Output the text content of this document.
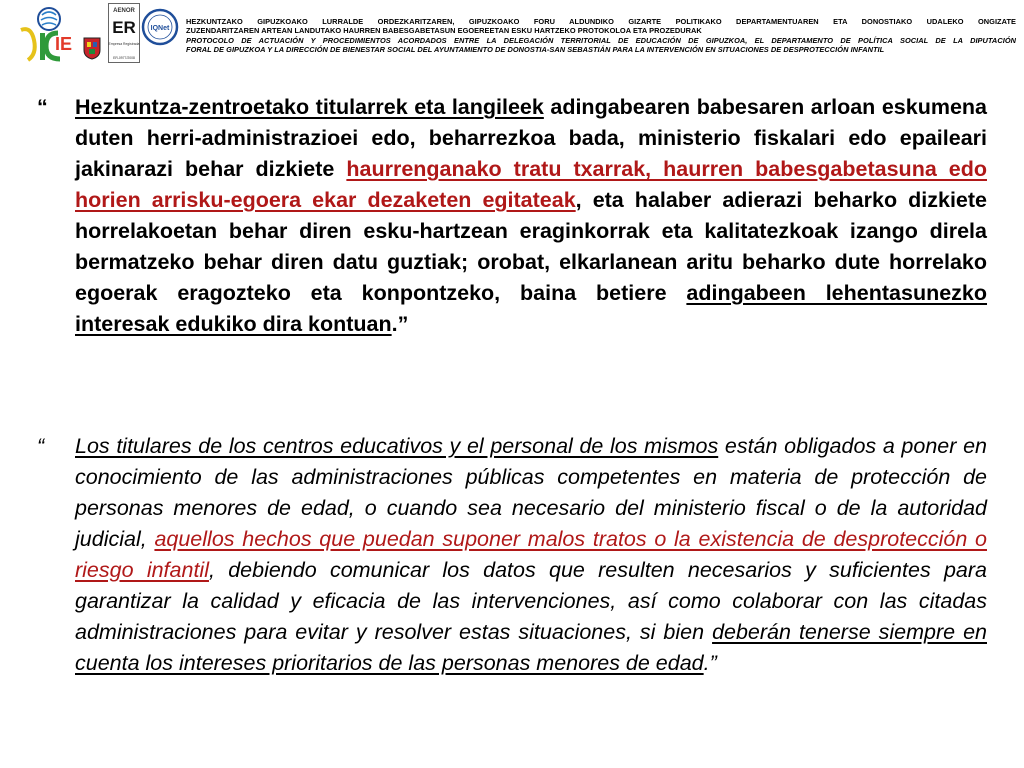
IE
AENOR
ER
Empresa Registrada
ER-0977/2008
IQNet
HEZKUNTZAKO GIPUZKOAKO LURRALDE ORDEZKARITZAREN, GIPUZKOAKO FORU ALDUNDIKO GIZARTE POLITIKAKO DEPARTAMENTUAREN ETA DONOSTIAKO UDALEKO ONGIZATE
ZUZENDARITZAREN ARTEAN LANDUTAKO HAURREN BABESGABETASUN EGOEREETAN ESKU HARTZEKO PROTOKOLOA ETA PROZEDURAK
PROTOCOLO DE ACTUACIÓN Y PROCEDIMIENTOS ACORDADOS ENTRE LA DELEGACIÓN TERRITORIAL DE EDUCACIÓN DE GIPUZKOA, EL DEPARTAMENTO DE POLÍTICA SOCIAL DE LA DIPUTACIÓN
FORAL DE GIPUZKOA Y LA DIRECCIÓN DE BIENESTAR SOCIAL DEL AYUNTAMIENTO DE DONOSTIA-SAN SEBASTIÁN PARA LA INTERVENCIÓN EN SITUACIONES DE DESPROTECCIÓN INFANTIL
“ Hezkuntza-zentroetako titularrek eta langileek adingabearen babesaren arloan eskumena duten herri-administrazioei edo, beharrezkoa bada, ministerio fiskalari edo epaileari jakinarazi behar dizkiete haurrenganako tratu txarrak, haurren babesgabetasuna edo horien arrisku-egoera ekar dezaketen egitateak, eta halaber adierazi beharko dizkiete horrelakoetan behar diren esku-hartzean eraginkorrak eta kalitatezkoak izango direla bermatzeko behar diren datu guztiak; orobat, elkarlanean aritu beharko dute horrelako egoerak eragozteko eta konpontzeko, baina betiere adingabeen lehentasunezko interesak edukiko dira kontuan.”
“ Los titulares de los centros educativos y el personal de los mismos están obligados a poner en conocimiento de las administraciones públicas competentes en materia de protección de personas menores de edad, o cuando sea necesario del ministerio fiscal o de la autoridad judicial, aquellos hechos que puedan suponer malos tratos o la existencia de desprotección o riesgo infantil, debiendo comunicar los datos que resulten necesarios y suficientes para garantizar la calidad y eficacia de las intervenciones, así como colaborar con las citadas administraciones para evitar y resolver estas situaciones, si bien deberán tenerse siempre en cuenta los intereses prioritarios de las personas menores de edad.”
